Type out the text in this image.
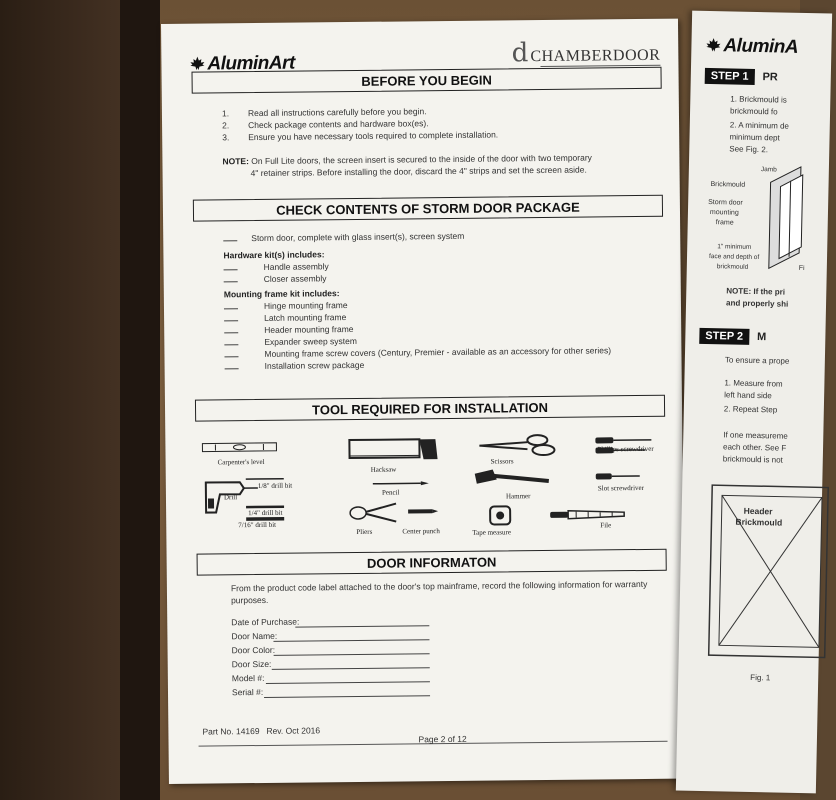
AluminArt	d CHAMBERDOOR
BEFORE YOU BEGIN
1. Read all instructions carefully before you begin.
2. Check package contents and hardware box(es).
3. Ensure you have necessary tools required to complete installation.
NOTE: On Full Lite doors, the screen insert is secured to the inside of the door with two temporary
4" retainer strips. Before installing the door, discard the 4" strips and set the screen aside.
CHECK CONTENTS OF STORM DOOR PACKAGE
Storm door, complete with glass insert(s), screen system
Hardware kit(s) includes:
Handle assembly
Closer assembly
Mounting frame kit includes:
Hinge mounting frame
Latch mounting frame
Header mounting frame
Expander sweep system
Mounting frame screw covers (Century, Premier - available as an accessory for other series)
Installation screw package
TOOL REQUIRED FOR INSTALLATION
Carpenter's level
Hacksaw
Scissors
Phillips screwdriver
Drill
1/8" drill bit
1/4" drill bit
7/16" drill bit
Pencil	Hammer
Slot screwdriver
Pliers	Center punch	Tape measure
File
DOOR INFORMATON
From the product code label attached to the door's top mainframe, record the following information for warranty
purposes.
Date of Purchase:
Door Name:
Door Color:
Door Size:
Model #:
Serial #:
Part No. 14169 Rev. Oct 2016
Page 2 of 12
AluminA
STEP 1	PR
1. Brickmould is
brickmould fo
2. A minimum de
minimum dept
See Fig. 2.
Jamb
Brickmould
Storm door
mounting
frame
1" minimum
face and depth of
brickmould	Fi
NOTE: If the pri
and properly shi
STEP 2	M
To ensure a prope
1. Measure from
left hand side
2. Repeat Step
If one measureme
each other. See F
brickmould is not
Header
Brickmould
Fig. 1
